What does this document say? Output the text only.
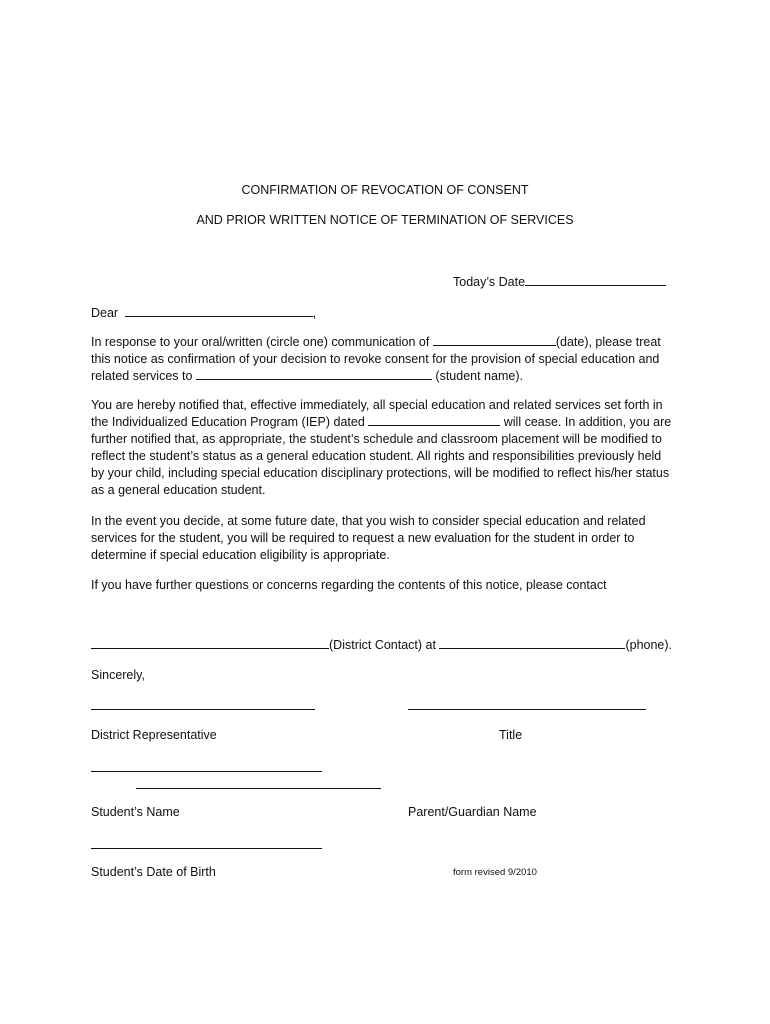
CONFIRMATION OF REVOCATION OF CONSENT
AND PRIOR WRITTEN NOTICE OF TERMINATION OF SERVICES
Today’s Date
Dear	,
In response to your oral/written (circle one) communication of	(date), please treat
this notice as confirmation of your decision to revoke consent for the provision of special education and
related services to	(student name).
You are hereby notified that, effective immediately, all special education and related services set forth in
the Individualized Education Program (IEP) dated	will cease. In addition, you are
further notified that, as appropriate, the student’s schedule and classroom placement will be modified to
reflect the student’s status as a general education student. All rights and responsibilities previously held
by your child, including special education disciplinary protections, will be modified to reflect his/her status
as a general education student.
In the event you decide, at some future date, that you wish to consider special education and related
services for the student, you will be required to request a new evaluation for the student in order to
determine if special education eligibility is appropriate.
If you have further questions or concerns regarding the contents of this notice, please contact
(District Contact) at	(phone).
Sincerely,
District Representative	Title
Student’s Name	Parent/Guardian Name
Student’s Date of Birth	form revised 9/2010
